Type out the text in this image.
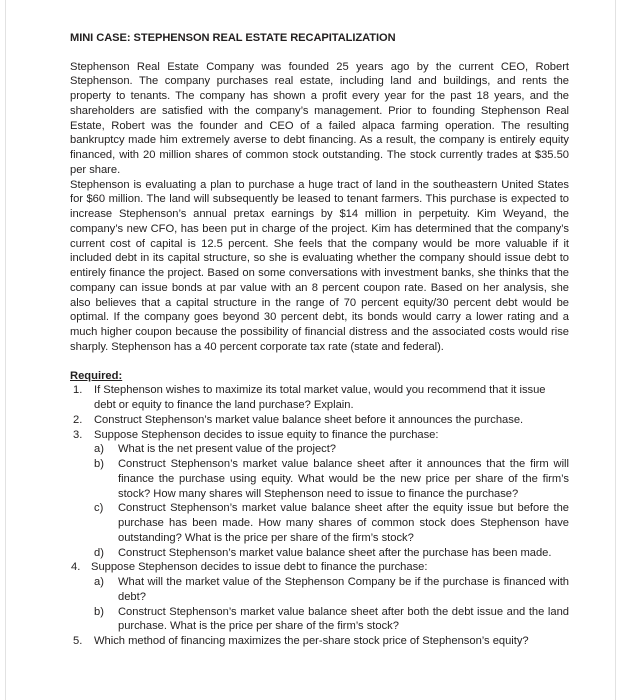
MINI CASE: STEPHENSON REAL ESTATE RECAPITALIZATION

Stephenson Real Estate Company was founded 25 years ago by the current CEO, Robert Stephenson. The company purchases real estate, including land and buildings, and rents the property to tenants. The company has shown a profit every year for the past 18 years, and the shareholders are satisfied with the company’s management. Prior to founding Stephenson Real Estate, Robert was the founder and CEO of a failed alpaca farming operation. The resulting bankruptcy made him extremely averse to debt financing. As a result, the company is entirely equity financed, with 20 million shares of common stock outstanding. The stock currently trades at $35.50 per share.

Stephenson is evaluating a plan to purchase a huge tract of land in the southeastern United States for $60 million. The land will subsequently be leased to tenant farmers. This purchase is expected to increase Stephenson’s annual pretax earnings by $14 million in perpetuity. Kim Weyand, the company’s new CFO, has been put in charge of the project. Kim has determined that the company’s current cost of capital is 12.5 percent. She feels that the company would be more valuable if it included debt in its capital structure, so she is evaluating whether the company should issue debt to entirely finance the project. Based on some conversations with investment banks, she thinks that the company can issue bonds at par value with an 8 percent coupon rate. Based on her analysis, she also believes that a capital structure in the range of 70 percent equity/30 percent debt would be optimal. If the company goes beyond 30 percent debt, its bonds would carry a lower rating and a much higher coupon because the possibility of financial distress and the associated costs would rise sharply. Stephenson has a 40 percent corporate tax rate (state and federal).

Required:

1.	If Stephenson wishes to maximize its total market value, would you recommend that it issue debt or equity to finance the land purchase? Explain.
2.	Construct Stephenson’s market value balance sheet before it announces the purchase.
3.	Suppose Stephenson decides to issue equity to finance the purchase:
a)	What is the net present value of the project?
b)	Construct Stephenson’s market value balance sheet after it announces that the firm will finance the purchase using equity. What would be the new price per share of the firm’s stock? How many shares will Stephenson need to issue to finance the purchase?
c)	Construct Stephenson’s market value balance sheet after the equity issue but before the purchase has been made. How many shares of common stock does Stephenson have outstanding? What is the price per share of the firm’s stock?
d)	Construct Stephenson’s market value balance sheet after the purchase has been made.
4. Suppose Stephenson decides to issue debt to finance the purchase:
a)	What will the market value of the Stephenson Company be if the purchase is financed with debt?
b)	Construct Stephenson’s market value balance sheet after both the debt issue and the land purchase. What is the price per share of the firm’s stock?
5.	Which method of financing maximizes the per-share stock price of Stephenson’s equity?
